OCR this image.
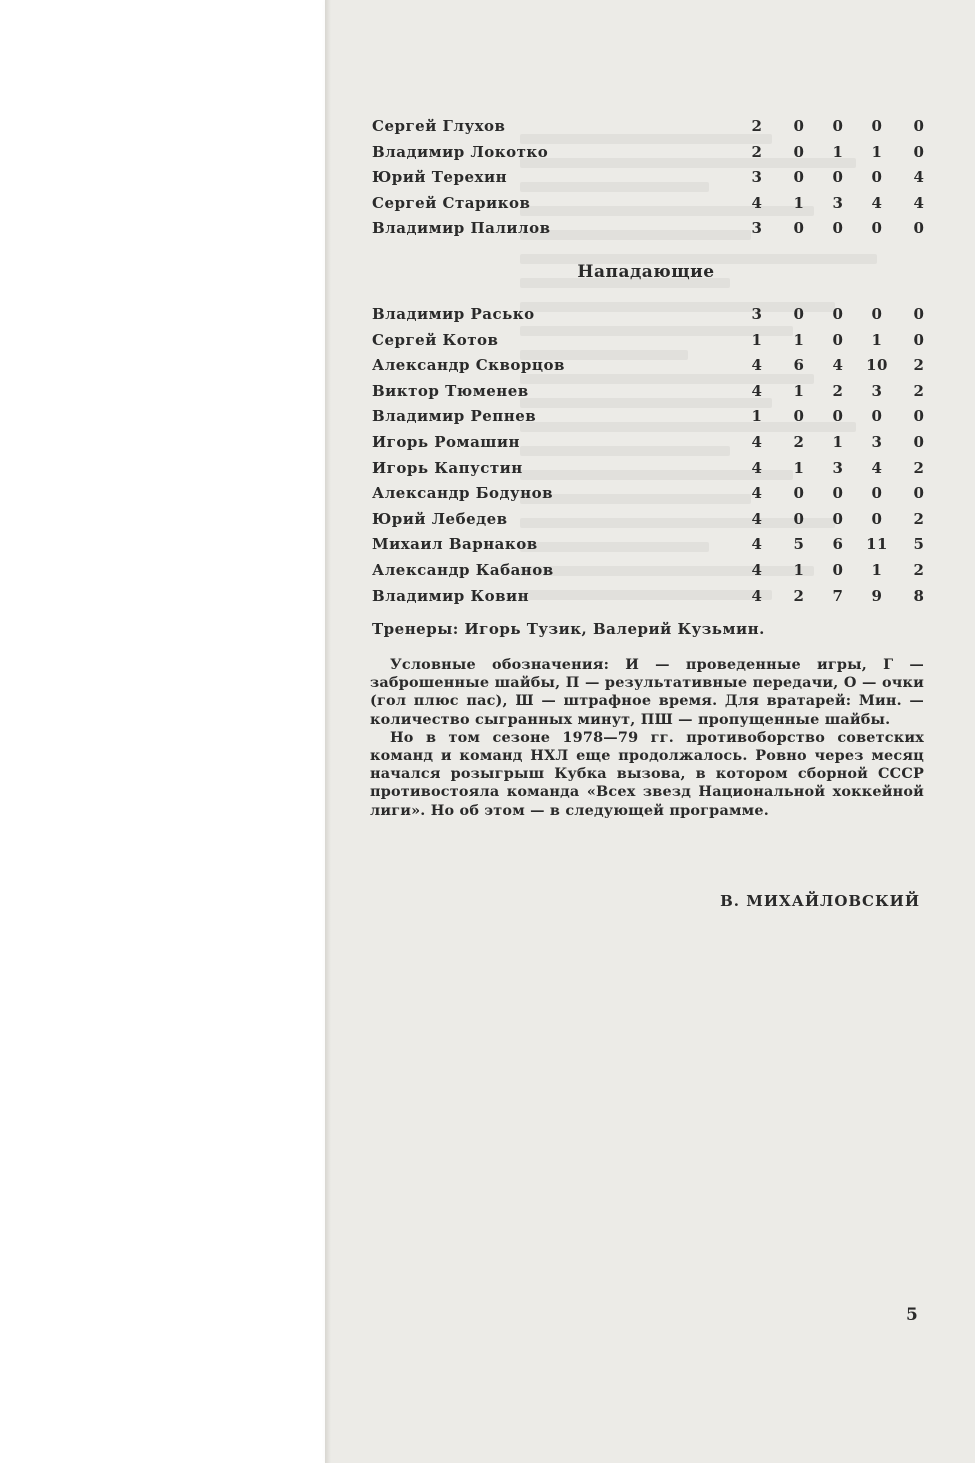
Сергей Глухов	2	0	0	0	0
Владимир Локотко	2	0	1	1	0
Юрий Терехин	3	0	0	0	4
Сергей Стариков	4	1	3	4	4
Владимир Палилов	3	0	0	0	0
Нападающие
Владимир Расько	3	0	0	0	0
Сергей Котов	1	1	0	1	0
Александр Скворцов	4	6	4	10	2
Виктор Тюменев	4	1	2	3	2
Владимир Репнев	1	0	0	0	0
Игорь Ромашин	4	2	1	3	0
Игорь Капустин	4	1	3	4	2
Александр Бодунов	4	0	0	0	0
Юрий Лебедев	4	0	0	0	2
Михаил Варнаков	4	5	6	11	5
Александр Кабанов	4	1	0	1	2
Владимир Ковин	4	2	7	9	8
Тренеры: Игорь Тузик, Валерий Кузьмин.

Условные обозначения: И — проведенные игры, Г — заброшенные шайбы, П — результативные передачи, О — очки (гол плюс пас), Ш — штрафное время. Для вратарей: Мин. — количество сыгранных минут, ПШ — пропущенные шайбы.

Но в том сезоне 1978—79 гг. противоборство советских команд и команд НХЛ еще продолжалось. Ровно через месяц начался розыгрыш Кубка вызова, в котором сборной СССР противостояла команда «Всех звезд Национальной хоккейной лиги». Но об этом — в следующей программе.

В. МИХАЙЛОВСКИЙ
5
